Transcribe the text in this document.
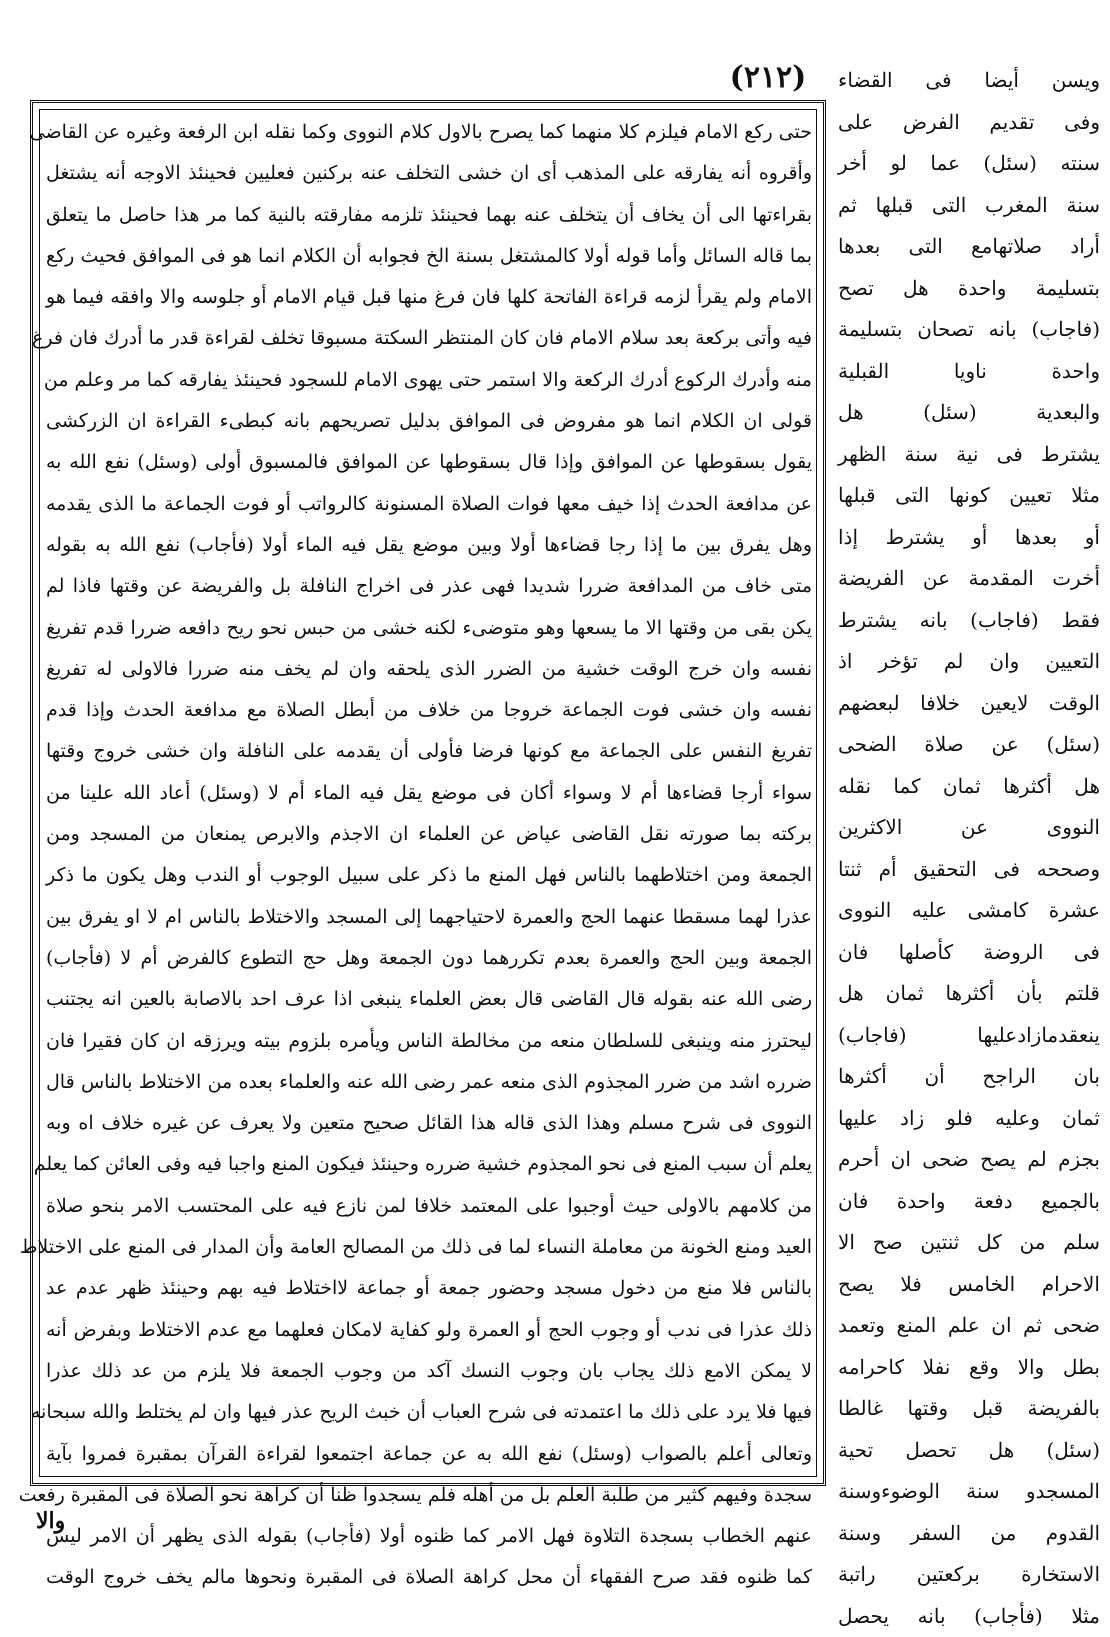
(٢١٢)	ويسن أيضا فى القضاء
وفى تقديم الفرض على
سنته (سئل) عما لو أخر
سنة المغرب التى قبلها ثم
أراد صلاتهامع التى بعدها
بتسليمة واحدة هل تصح
(فاجاب) بانه تصحان بتسليمة
واحدة ناويا القبلية
والبعدية (سئل) هل
يشترط فى نية سنة الظهر
مثلا تعيين كونها التى قبلها
أو بعدها أو يشترط إذا
أخرت المقدمة عن الفريضة
فقط (فاجاب) بانه يشترط
التعيين وان لم تؤخر اذ
الوقت لايعين خلافا لبعضهم
(سئل) عن صلاة الضحى
هل أكثرها ثمان كما نقله
النووى عن الاكثرين
وصححه فى التحقيق أم ثنتا
عشرة كامشى عليه النووى
فى الروضة كأصلها فان
قلتم بأن أكثرها ثمان هل
ينعقدمازادعليها (فاجاب)
بان الراجح أن أكثرها
ثمان وعليه فلو زاد عليها
بجزم لم يصح ضحى ان أحرم
بالجميع دفعة واحدة فان
سلم من كل ثنتين صح الا
الاحرام الخامس فلا يصح
ضحى ثم ان علم المنع وتعمد
بطل والا وقع نفلا كاحرامه
بالفريضة قبل وقتها غالطا
(سئل) هل تحصل تحية
المسجدو سنة الوضوءوسنة
القدوم من السفر وسنة
الاستخارة بركعتين راتبة
مثلا (فأجاب) بانه يحصل
حتى ركع الامام فيلزم كلا منهما كما يصرح بالاول كلام النووى وكما نقله ابن الرفعة وغيره عن القاضى
وأقروه أنه يفارقه على المذهب أى ان خشى التخلف عنه بركنين فعليين فحينئذ الاوجه أنه يشتغل
بقراءتها الى أن يخاف أن يتخلف عنه بهما فحينئذ تلزمه مفارقته بالنية كما مر هذا حاصل ما يتعلق
بما قاله السائل وأما قوله أولا كالمشتغل بسنة الخ فجوابه أن الكلام انما هو فى الموافق فحيث ركع
الامام ولم يقرأ لزمه قراءة الفاتحة كلها فان فرغ منها قبل قيام الامام أو جلوسه والا وافقه فيما هو
فيه وأتى بركعة بعد سلام الامام فان كان المنتظر السكتة مسبوقا تخلف لقراءة قدر ما أدرك فان فرغ
منه وأدرك الركوع أدرك الركعة والا استمر حتى يهوى الامام للسجود فحينئذ يفارقه كما مر وعلم من
قولى ان الكلام انما هو مفروض فى الموافق بدليل تصريحهم بانه كبطىء القراءة ان الزركشى
يقول بسقوطها عن الموافق وإذا قال بسقوطها عن الموافق فالمسبوق أولى (وسئل) نفع الله به
عن مدافعة الحدث إذا خيف معها فوات الصلاة المسنونة كالرواتب أو فوت الجماعة ما الذى يقدمه
وهل يفرق بين ما إذا رجا قضاءها أولا وبين موضع يقل فيه الماء أولا (فأجاب) نفع الله به بقوله
متى خاف من المدافعة ضررا شديدا فهى عذر فى اخراج النافلة بل والفريضة عن وقتها فاذا لم
يكن بقى من وقتها الا ما يسعها وهو متوضىء لكنه خشى من حبس نحو ريح دافعه ضررا قدم تفريغ
نفسه وان خرج الوقت خشية من الضرر الذى يلحقه وان لم يخف منه ضررا فالاولى له تفريغ
نفسه وان خشى فوت الجماعة خروجا من خلاف من أبطل الصلاة مع مدافعة الحدث وإذا قدم
تفريغ النفس على الجماعة مع كونها فرضا فأولى أن يقدمه على النافلة وان خشى خروج وقتها
سواء أرجا قضاءها أم لا وسواء أكان فى موضع يقل فيه الماء أم لا (وسئل) أعاد الله علينا من
بركته بما صورته نقل القاضى عياض عن العلماء ان الاجذم والابرص يمنعان من المسجد ومن
الجمعة ومن اختلاطهما بالناس فهل المنع ما ذكر على سبيل الوجوب أو الندب وهل يكون ما ذكر
عذرا لهما مسقطا عنهما الحج والعمرة لاحتياجهما إلى المسجد والاختلاط بالناس ام لا او يفرق بين
الجمعة وبين الحج والعمرة بعدم تكررهما دون الجمعة وهل حج التطوع كالفرض أم لا (فأجاب)
رضى الله عنه بقوله قال القاضى قال بعض العلماء ينبغى اذا عرف احد بالاصابة بالعين انه يجتنب
ليحترز منه وينبغى للسلطان منعه من مخالطة الناس ويأمره بلزوم بيته ويرزقه ان كان فقيرا فان
ضرره اشد من ضرر المجذوم الذى منعه عمر رضى الله عنه والعلماء بعده من الاختلاط بالناس قال
النووى فى شرح مسلم وهذا الذى قاله هذا القائل صحيح متعين ولا يعرف عن غيره خلاف اه وبه
يعلم أن سبب المنع فى نحو المجذوم خشية ضرره وحينئذ فيكون المنع واجبا فيه وفى العائن كما يعلم
من كلامهم بالاولى حيث أوجبوا على المعتمد خلافا لمن نازع فيه على المحتسب الامر بنحو صلاة
العيد ومنع الخونة من معاملة النساء لما فى ذلك من المصالح العامة وأن المدار فى المنع على الاختلاط
بالناس فلا منع من دخول مسجد وحضور جمعة أو جماعة لااختلاط فيه بهم وحينئذ ظهر عدم عد
ذلك عذرا فى ندب أو وجوب الحج أو العمرة ولو كفاية لامكان فعلهما مع عدم الاختلاط وبفرض أنه
لا يمكن الامع ذلك يجاب بان وجوب النسك آكد من وجوب الجمعة فلا يلزم من عد ذلك عذرا
فيها فلا يرد على ذلك ما اعتمدته فى شرح العباب أن خبث الريح عذر فيها وان لم يختلط والله سبحانه
وتعالى أعلم بالصواب (وسئل) نفع الله به عن جماعة اجتمعوا لقراءة القرآن بمقبرة فمروا بآية
سجدة وفيهم كثير من طلبة العلم بل من أهله فلم يسجدوا ظنا أن كراهة نحو الصلاة فى المقبرة رفعت
عنهم الخطاب بسجدة التلاوة فهل الامر كما ظنوه أولا (فأجاب) بقوله الذى يظهر أن الامر ليس
كما ظنوه فقد صرح الفقهاء أن محل كراهة الصلاة فى المقبرة ونحوها مالم يخف خروج الوقت
والا
